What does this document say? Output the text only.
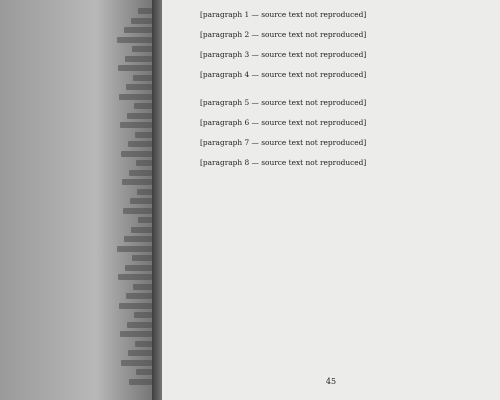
[paragraph 1 — source text not reproduced]

[paragraph 2 — source text not reproduced]

[paragraph 3 — source text not reproduced]

[paragraph 4 — source text not reproduced]

[paragraph 5 — source text not reproduced]

[paragraph 6 — source text not reproduced]

[paragraph 7 — source text not reproduced]

[paragraph 8 — source text not reproduced]

45
